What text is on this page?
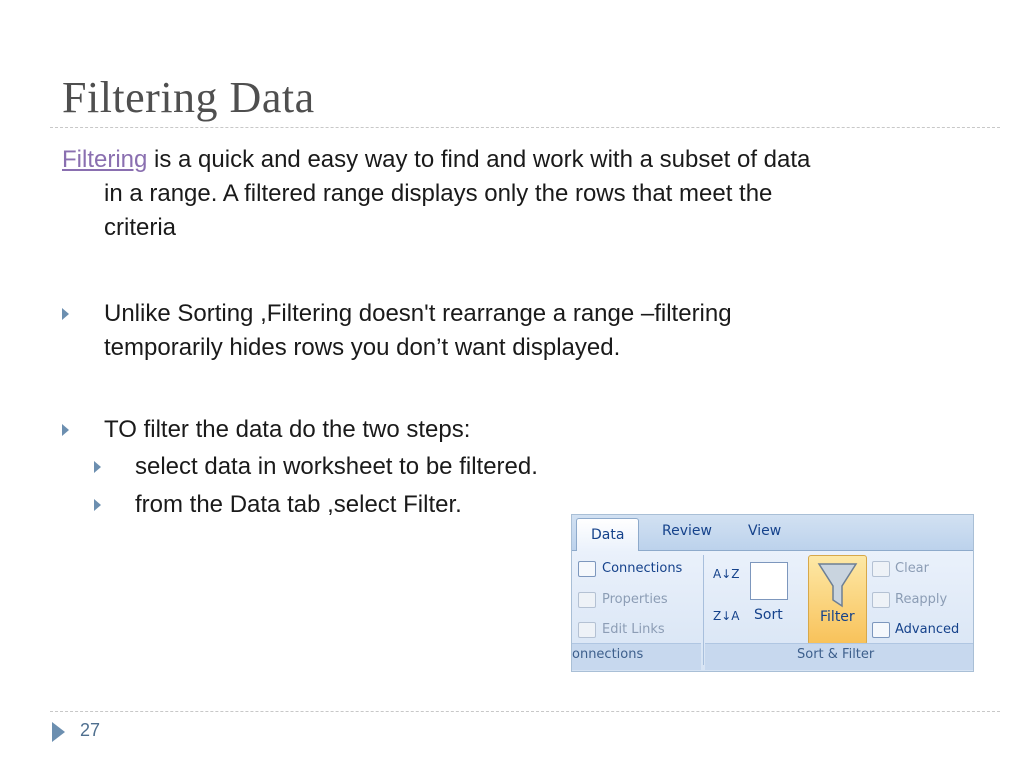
Filtering Data
Filtering is a quick and easy way to find and work with a subset of data
in a range. A filtered range displays only the rows that meet the
criteria
Unlike Sorting ,Filtering doesn't rearrange a range –filtering
temporarily hides rows you don’t want displayed.
TO filter the data do the two steps:
select data in worksheet to be filtered.
from the Data tab ,select Filter.
Data	Review	View
Connections
Properties
Edit Links
onnections
A↓Z
Z↓A Sort	Filter
Clear
Reapply
Advanced
Sort & Filter
27
